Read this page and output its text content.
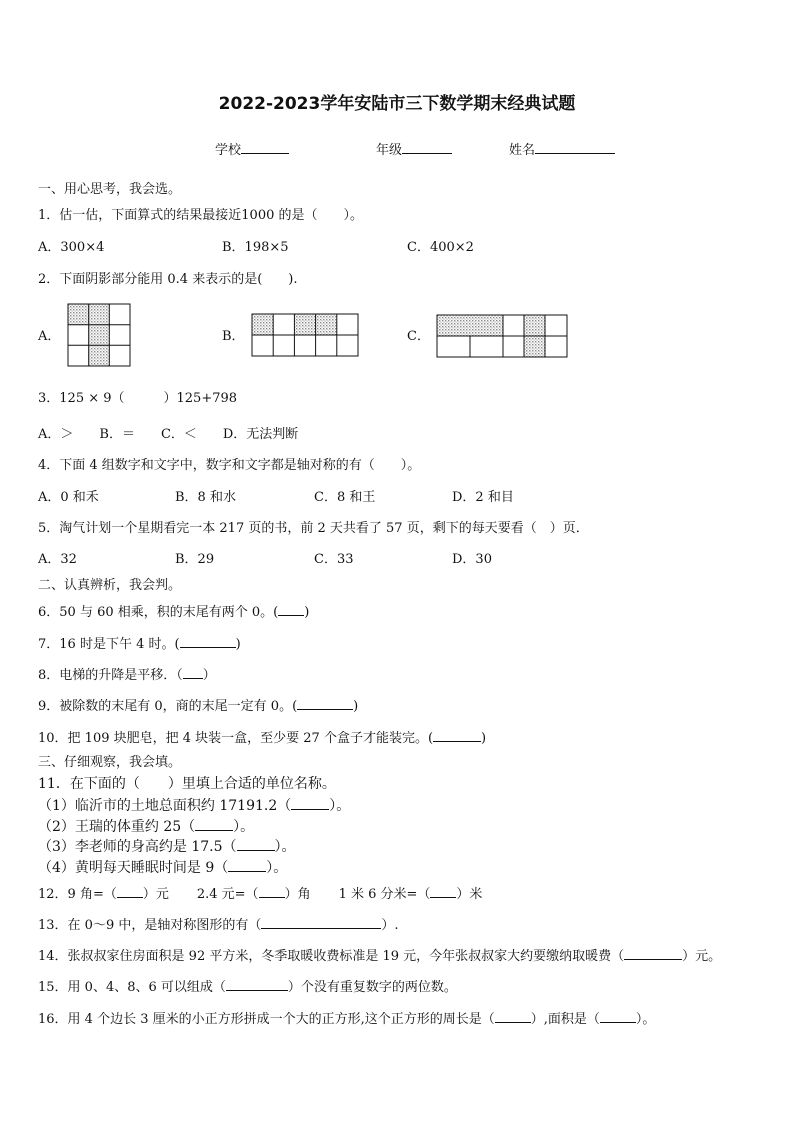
2022-2023学年安陆市三下数学期末经典试题
学校	年级	姓名
一、用心思考，我会选。
1．估一估，下面算式的结果最接近1000 的是（　　）。
A．300×4	B．198×5	C．400×2
2．下面阴影部分能用 0.4 来表示的是(　　).
A．	B．	C．
3．125 × 9（　　　）125+798
A．＞　　B．＝　　C．＜　　D．无法判断
4．下面 4 组数字和文字中，数字和文字都是轴对称的有（　　）。
A．0 和禾	B．8 和水	C．8 和王	D．2 和目
5．淘气计划一个星期看完一本 217 页的书，前 2 天共看了 57 页，剩下的每天要看（　）页．
A．32	B．29	C．33	D．30
二、认真辨析，我会判。
6．50 与 60 相乘，积的末尾有两个 0。( )
7．16 时是下午 4 时。(	)
8．电梯的升降是平移．（ ）
9．被除数的末尾有 0，商的末尾一定有 0。(	)
10．把 109 块肥皂，把 4 块装一盒，至少要 27 个盒子才能装完。(	)
三、仔细观察，我会填。
11．在下面的（　　）里填上合适的单位名称。
（1）临沂市的土地总面积约 17191.2（	）。
（2）王瑞的体重约 25（	）。
（3）李老师的身高约是 17.5（	）。
（4）黄明每天睡眠时间是 9（	）。
12．9 角=（ ）元 2.4 元=（ ）角 1 米 6 分米=（ ）米
13．在 0～9 中，是轴对称图形的有（	）.
14．张叔叔家住房面积是 92 平方米，冬季取暖收费标准是 19 元，今年张叔叔家大约要缴纳取暖费（	）元。
15．用 0、4、8、6 可以组成（	）个没有重复数字的两位数。
16．用 4 个边长 3 厘米的小正方形拼成一个大的正方形,这个正方形的周长是（	）,面积是（	）。
